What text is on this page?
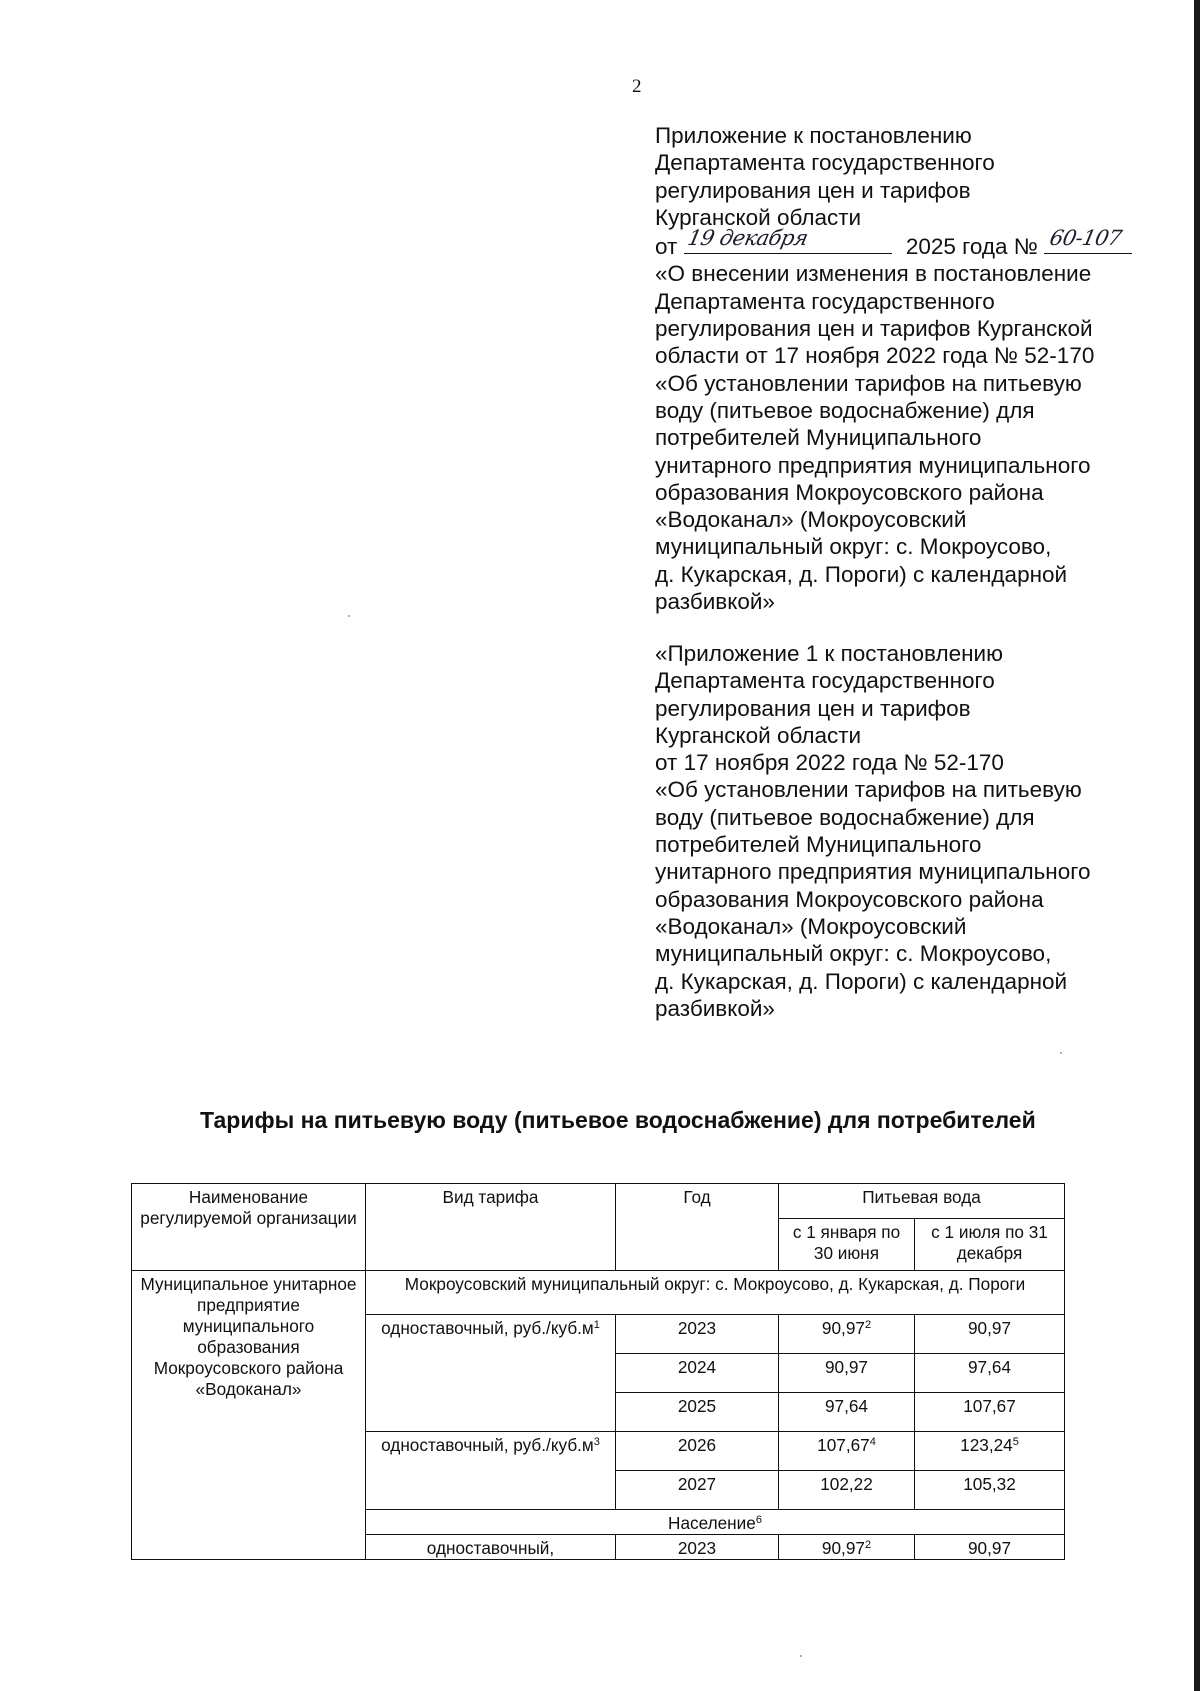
2
Приложение к постановлению
Департамента государственного
регулирования цен и тарифов
Курганской области
от 19 декабря	2025 года № 60-107
«О внесении изменения в постановление
Департамента государственного
регулирования цен и тарифов Курганской
области от 17 ноября 2022 года № 52-170
«Об установлении тарифов на питьевую
воду (питьевое водоснабжение) для
потребителей Муниципального
унитарного предприятия муниципального
образования Мокроусовского района
«Водоканал» (Мокроусовский
муниципальный округ: с. Мокроусово,
д. Кукарская, д. Пороги) с календарной
разбивкой»
«Приложение 1 к постановлению
Департамента государственного
регулирования цен и тарифов
Курганской области
от 17 ноября 2022 года № 52-170
«Об установлении тарифов на питьевую
воду (питьевое водоснабжение) для
потребителей Муниципального
унитарного предприятия муниципального
образования Мокроусовского района
«Водоканал» (Мокроусовский
муниципальный округ: с. Мокроусово,
д. Кукарская, д. Пороги) с календарной
разбивкой»
Тарифы на питьевую воду (питьевое водоснабжение) для потребителей
Наименование регулируемой организации	Вид тарифа	Год	Питьевая вода	
			с 1 января по 30 июня	с 1 июля по 31 декабря
Муниципальное унитарное предприятие муниципального образования Мокроусовского района «Водоканал»	Мокроусовский муниципальный округ: с. Мокроусово, д. Кукарская, д. Пороги			
	одноставочный, $руб./куб.м^1$	2023	90,97$^2$	90,97
		2024	90,97	97,64
		2025	97,64	107,67
	одноставочный, $руб./куб.м^3$	2026	107,67$^4$	123,24$^5$
		2027	102,22	105,32
	Население$^6$
	одноставочный,	2023	90,97$^2$	90,97
